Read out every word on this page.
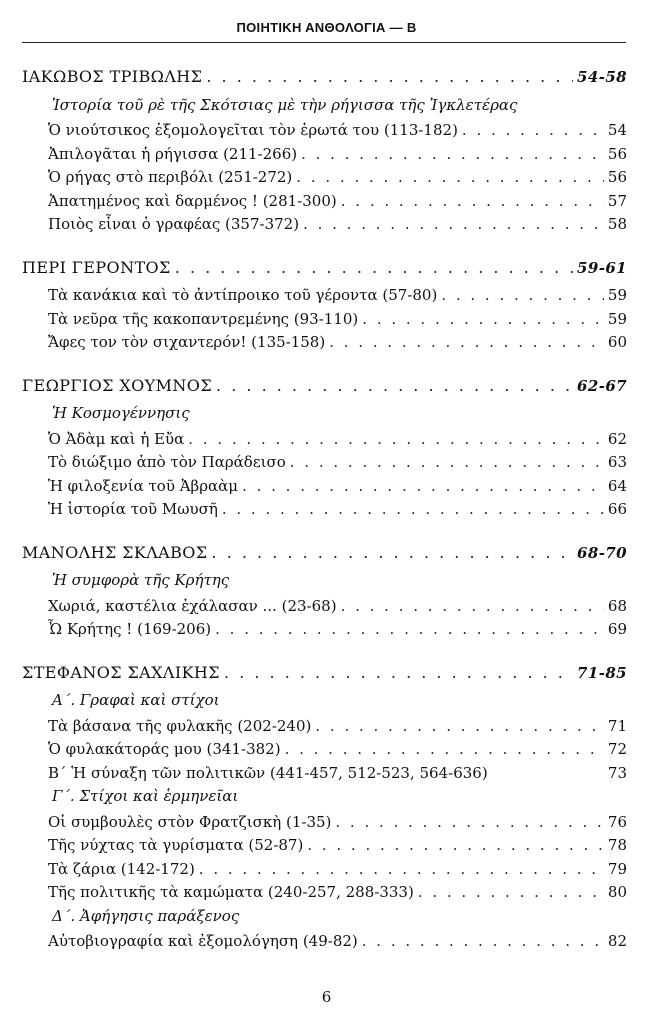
ΠΟΙΗΤΙΚΗ ΑΝΘΟΛΟΓΙΑ — Β
ΙΑΚΩΒΟΣ ΤΡΙΒΩΛΗΣ . . .	54-58
Ἱστορία τοῦ ρὲ τῆς Σκότσιας μὲ τὴν ρήγισσα τῆς Ἰγκλετέρας
Ὁ νιούτσικος ἐξομολογεῖται τὸν ἐρωτά του (113-182) . . .	54
Ἀπιλογᾶται ἡ ρήγισσα (211-266) . . .	56
Ὁ ρήγας στὸ περιβόλι (251-272) . . .	56
Ἀπατημένος καὶ δαρμένος ! (281-300) . . .	57
Ποιὸς εἶναι ὁ γραφέας (357-372) . . .	58
ΠΕΡΙ ΓΕΡΟΝΤΟΣ . . .	59-61
Τὰ κανάκια καὶ τὸ ἀντίπροικο τοῦ γέροντα (57-80) . . .	59
Τὰ νεῦρα τῆς κακοπαντρεμένης (93-110) . . .	59
Ἄφες τον τὸν σιχαντερόν! (135-158) . . .	60
ΓΕΩΡΓΙΟΣ ΧΟΥΜΝΟΣ . . .	62-67
Ἡ Κοσμογέννησις
Ὁ Ἀδὰμ καὶ ἡ Εὔα . . .	62
Τὸ διώξιμο ἀπὸ τὸν Παράδεισο . . .	63
Ἡ φιλοξενία τοῦ Ἀβραὰμ . . .	64
Ἡ ἱστορία τοῦ Μωυσῆ . . .	66
ΜΑΝΟΛΗΣ ΣΚΛΑΒΟΣ . . .	68-70
Ἡ συμφορὰ τῆς Κρήτης
Χωριά, καστέλια ἐχάλασαν ... (23-68) . . .	68
Ὦ Κρήτης ! (169-206) . . .	69
ΣΤΕΦΑΝΟΣ ΣΑΧΛΙΚΗΣ . . .	71-85
Α΄. Γραφαὶ καὶ στίχοι
Τὰ βάσανα τῆς φυλακῆς (202-240) . . .	71
Ὁ φυλακάτοράς μου (341-382) . . .	72
Β΄ Ἡ σύναξη τῶν πολιτικῶν (441-457, 512-523, 564-636)	73
Γ΄. Στίχοι καὶ ἑρμηνεῖαι
Οἱ συμβουλὲς στὸν Φρατζισκὴ (1-35) . . .	76
Τῆς νύχτας τὰ γυρίσματα (52-87) . . .	78
Τὰ ζάρια (142-172) . . .	79
Τῆς πολιτικῆς τὰ καμώματα (240-257, 288-333) . . .	80
Δ΄. Ἀφήγησις παράξενος
Αὐτοβιογραφία καὶ ἐξομολόγηση (49-82) . . .	82
6
